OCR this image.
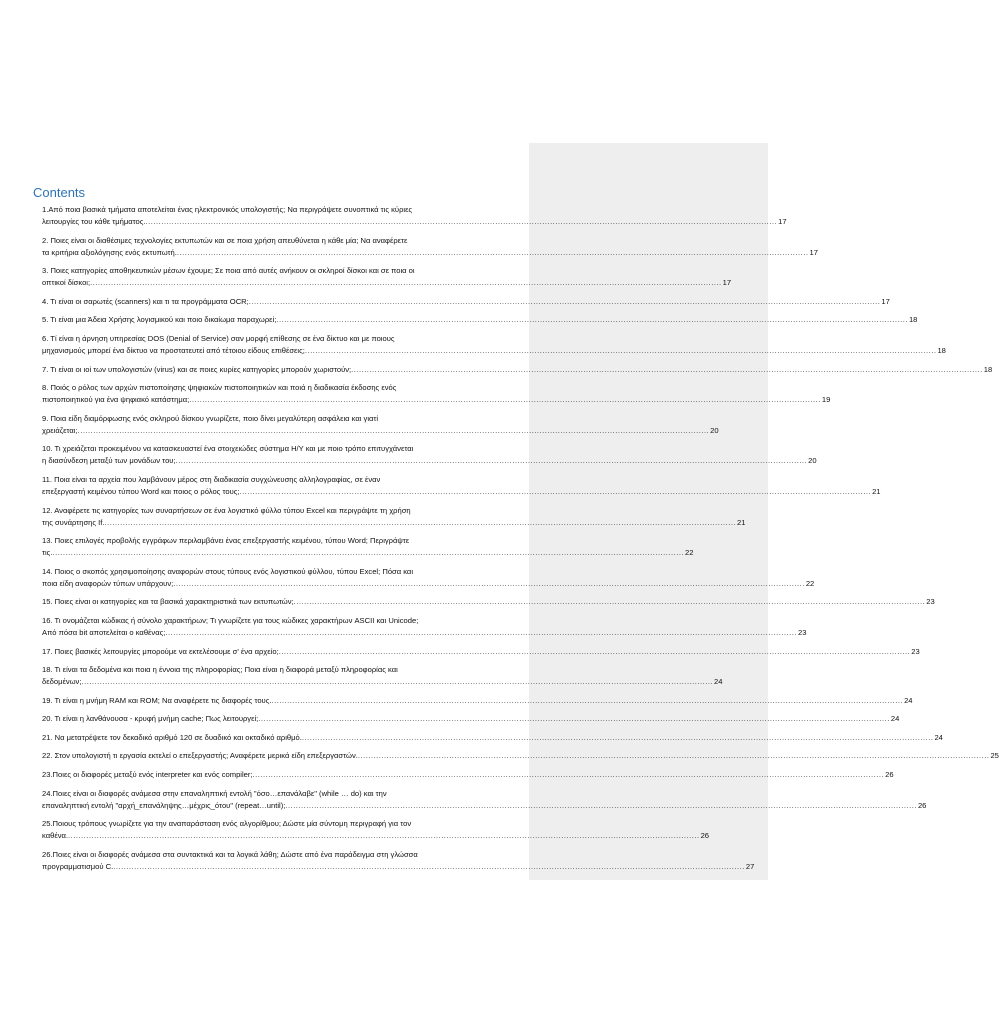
Contents
1.Από ποια βασικά τμήματα αποτελείται ένας ηλεκτρονικός υπολογιστής; Να περιγράψετε συνοπτικά τις κύριες
λειτουργίες του κάθε τμήματος. .....	17
2. Ποιες είναι οι διαθέσιμες τεχνολογίες εκτυπωτών και σε ποια χρήση απευθύνεται η κάθε μία; Να αναφέρετε
τα κριτήρια αξιολόγησης ενός εκτυπωτή. .....	17
3. Ποιες κατηγορίες αποθηκευτικών μέσων έχουμε; Σε ποια από αυτές ανήκουν οι σκληροί δίσκοι και σε ποια οι
οπτικοί δίσκοι; .....	17
4. Τι είναι οι σαρωτές (scanners) και τι τα προγράμματα OCR; .....	17
5. Τι είναι μια Άδεια Χρήσης λογισμικού και ποιο δικαίωμα παραχωρεί; .....	18
6. Τί είναι η άρνηση υπηρεσίας DOS (Denial of Service) σαν μορφή επίθεσης σε ένα δίκτυο και με ποιους
μηχανισμούς μπορεί ένα δίκτυο να προστατευτεί από τέτοιου είδους επιθέσεις; .....	18
7. Τι είναι οι ιοί των υπολογιστών (virus) και σε ποιες κυρίες κατηγορίες μπορούν χωριστούν; .....	18
8. Ποιός ο ρόλος των αρχών πιστοποίησης ψηφιακών πιστοποιητικών και ποιά η διαδικασία έκδοσης ενός
πιστοποιητικού για ένα ψηφιακό κατάστημα; .....	19
9. Ποια είδη διαμόρφωσης ενός σκληρού δίσκου γνωρίζετε, ποιο δίνει μεγαλύτερη ασφάλεια και γιατί
χρειάζεται; .....	20
10. Τι χρειάζεται προκειμένου να κατασκευαστεί ένα στοιχειώδες σύστημα Η/Υ και με ποιο τρόπο επιτυγχάνεται
η διασύνδεση μεταξύ των μονάδων του; .....	20
11. Ποια είναι τα αρχεία που λαμβάνουν μέρος στη διαδικασία συγχώνευσης αλληλογραφίας, σε έναν
επεξεργαστή κειμένου τύπου Word και ποιος ο ρόλος τους; .....	21
12. Αναφέρετε τις κατηγορίες των συναρτήσεων σε ένα λογιστικό φύλλο τύπου Excel και περιγράψτε τη χρήση
της συνάρτησης If. .....	21
13. Ποιες επιλογές προβολής εγγράφων περιλαμβάνει ένας επεξεργαστής κειμένου, τύπου Word; Περιγράψτε
τις. .....	22
14. Ποιος ο σκοπός χρησιμοποίησης αναφορών στους τύπους ενός λογιστικού φύλλου, τύπου Excel; Πόσα και
ποια είδη αναφορών τύπων υπάρχουν; .....	22
15. Ποιες είναι οι κατηγορίες και τα βασικά χαρακτηριστικά των εκτυπωτών; .....	23
16. Τι ονομάζεται κώδικας ή σύνολο χαρακτήρων; Τι γνωρίζετε για τους κώδικες χαρακτήρων ASCII και Unicode;
Από πόσα bit αποτελείται ο καθένας; .....	23
17. Ποιες βασικές λειτουργίες μπορούμε να εκτελέσουμε σ' ένα αρχείο; .....	23
18. Τι είναι τα δεδομένα και ποια η έννοια της πληροφορίας; Ποια είναι η διαφορά μεταξύ πληροφορίας και
δεδομένων; .....	24
19. Τι είναι η μνήμη RAM και ROM; Να αναφέρετε τις διαφορές τους. .....	24
20. Τι είναι η λανθάνουσα - κρυφή μνήμη cache; Πως λειτουργεί; .....	24
21. Να μετατρέψετε τον δεκαδικό αριθμό 120 σε δυαδικό και οκταδικό αριθμό. .....	24
22. Στον υπολογιστή τι εργασία εκτελεί ο επεξεργαστής; Αναφέρετε μερικά είδη επεξεργαστών. .....	25
23.Ποιες οι διαφορές μεταξύ ενός interpreter και ενός compiler; .....	26
24.Ποιες είναι οι διαφορές ανάμεσα στην επαναληπτική εντολή "όσο…επανάλαβε" (while … do) και την
επαναληπτική εντολή "αρχή_επανάληψης…μέχρις_ότου" (repeat…until); .....	26
25.Ποιους τρόπους γνωρίζετε για την αναπαράσταση ενός αλγορίθμου; Δώστε μία σύντομη περιγραφή για τον
καθένα. .....	26
26.Ποιες είναι οι διαφορές ανάμεσα στα συντακτικά και τα λογικά λάθη; Δώστε από ένα παράδειγμα στη γλώσσα
προγραμματισμού C. .....	27
